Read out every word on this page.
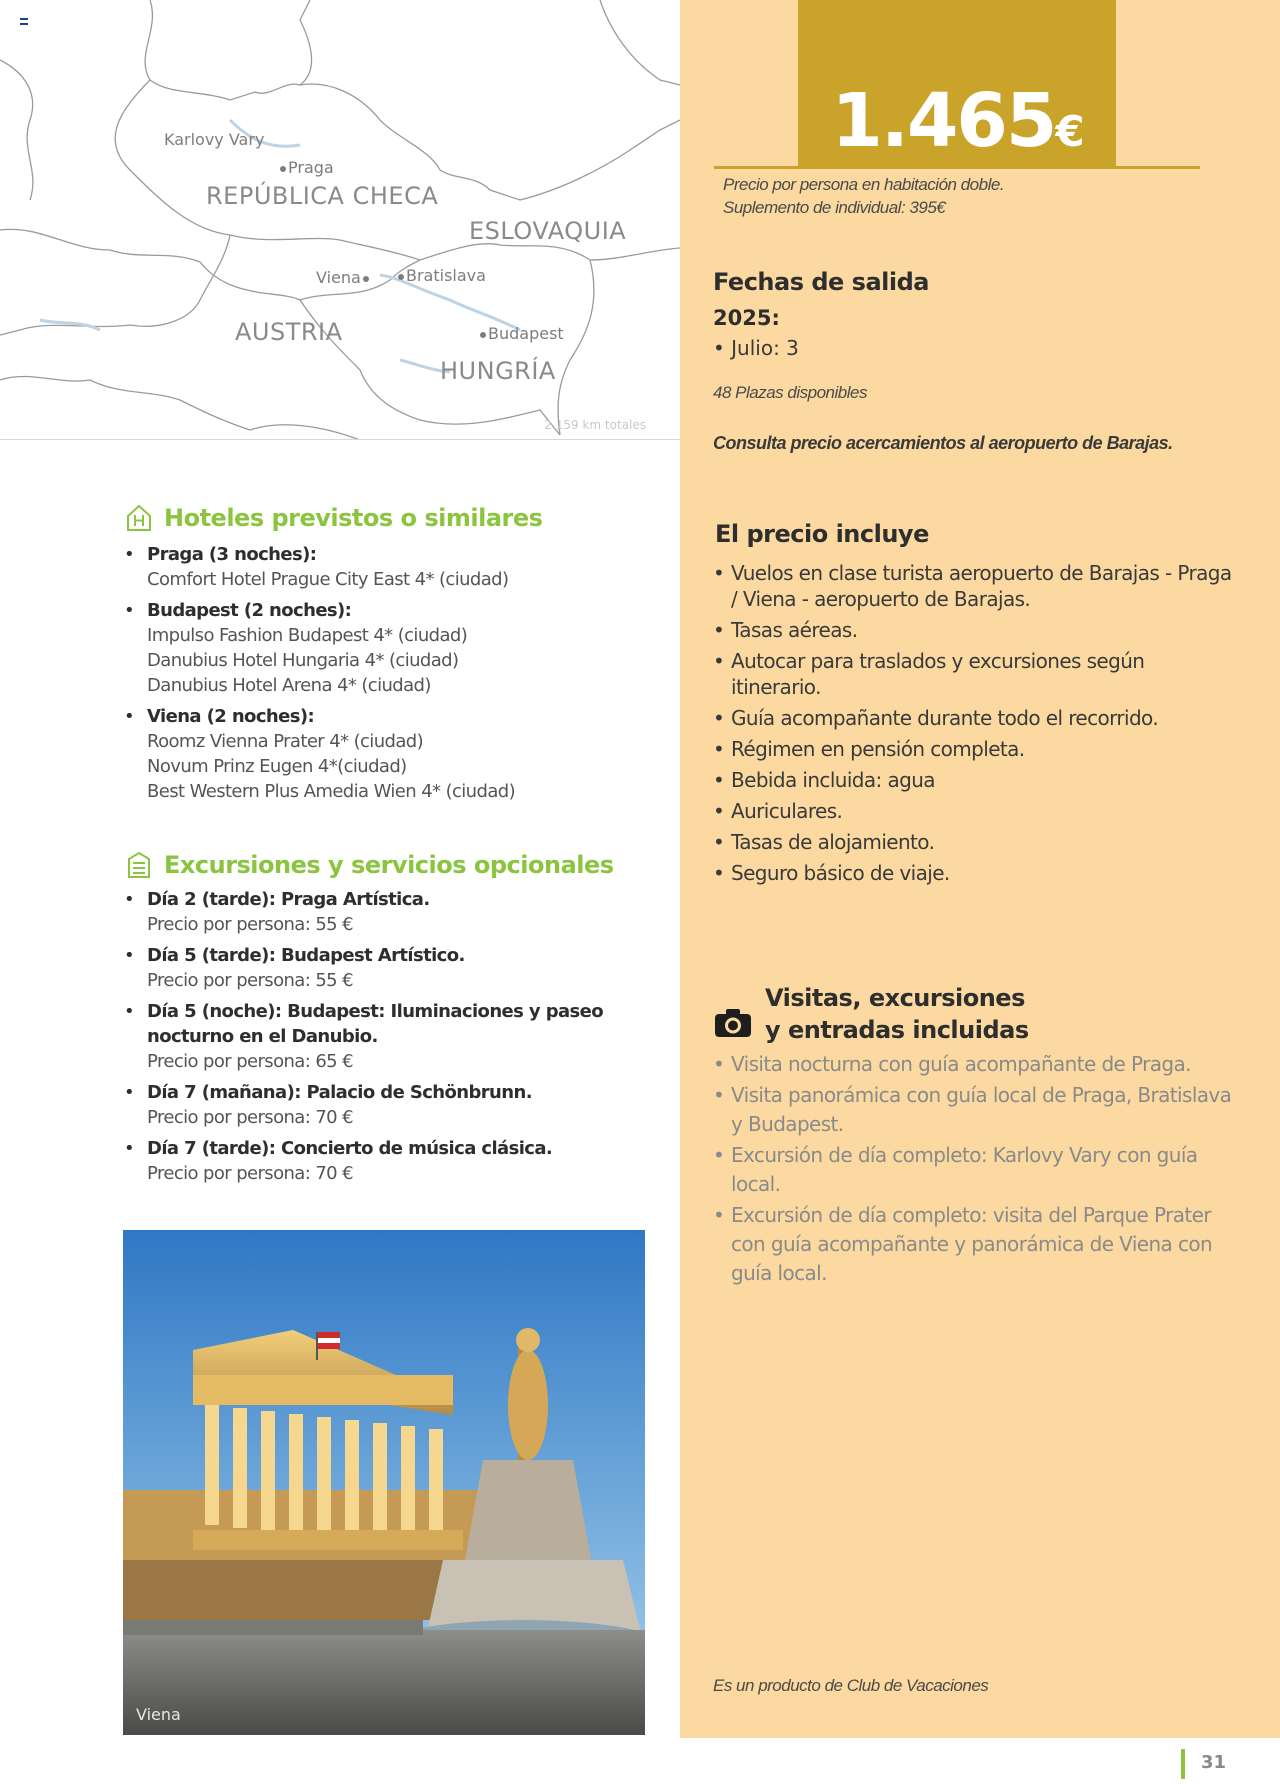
Karlovy Vary
Praga
REPÚBLICA CHECA
ESLOVAQUIA
Viena	Bratislava
AUSTRIA	Budapest
HUNGRÍA
2.159 km totales
1.465€
Precio por persona en habitación doble.
Suplemento de individual: 395€
Fechas de salida
2025:
• Julio: 3
48 Plazas disponibles
Consulta precio acercamientos al aeropuerto de Barajas.
El precio incluye
• Vuelos en clase turista aeropuerto de Barajas - Praga / Viena - aeropuerto de Barajas.
• Tasas aéreas.
• Autocar para traslados y excursiones según itinerario.
• Guía acompañante durante todo el recorrido.
• Régimen en pensión completa.
• Bebida incluida: agua
• Auriculares.
• Tasas de alojamiento.
• Seguro básico de viaje.
Visitas, excursiones
y entradas incluidas
• Visita nocturna con guía acompañante de Praga.
• Visita panorámica con guía local de Praga, Bratislava y Budapest.
• Excursión de día completo: Karlovy Vary con guía local.
• Excursión de día completo: visita del Parque Prater con guía acompañante y panorámica de Viena con guía local.
Es un producto de Club de Vacaciones
Hoteles previstos o similares
• Praga (3 noches):
Comfort Hotel Prague City East 4* (ciudad)
• Budapest (2 noches):
Impulso Fashion Budapest 4* (ciudad)
Danubius Hotel Hungaria 4* (ciudad)
Danubius Hotel Arena 4* (ciudad)
• Viena (2 noches):
Roomz Vienna Prater 4* (ciudad)
Novum Prinz Eugen 4*(ciudad)
Best Western Plus Amedia Wien 4* (ciudad)
Excursiones y servicios opcionales
• Día 2 (tarde): Praga Artística.
Precio por persona: 55 €
• Día 5 (tarde): Budapest Artístico.
Precio por persona: 55 €
• Día 5 (noche): Budapest: Iluminaciones y paseo nocturno en el Danubio.
Precio por persona: 65 €
• Día 7 (mañana): Palacio de Schönbrunn.
Precio por persona: 70 €
• Día 7 (tarde): Concierto de música clásica.
Precio por persona: 70 €
Viena
31
